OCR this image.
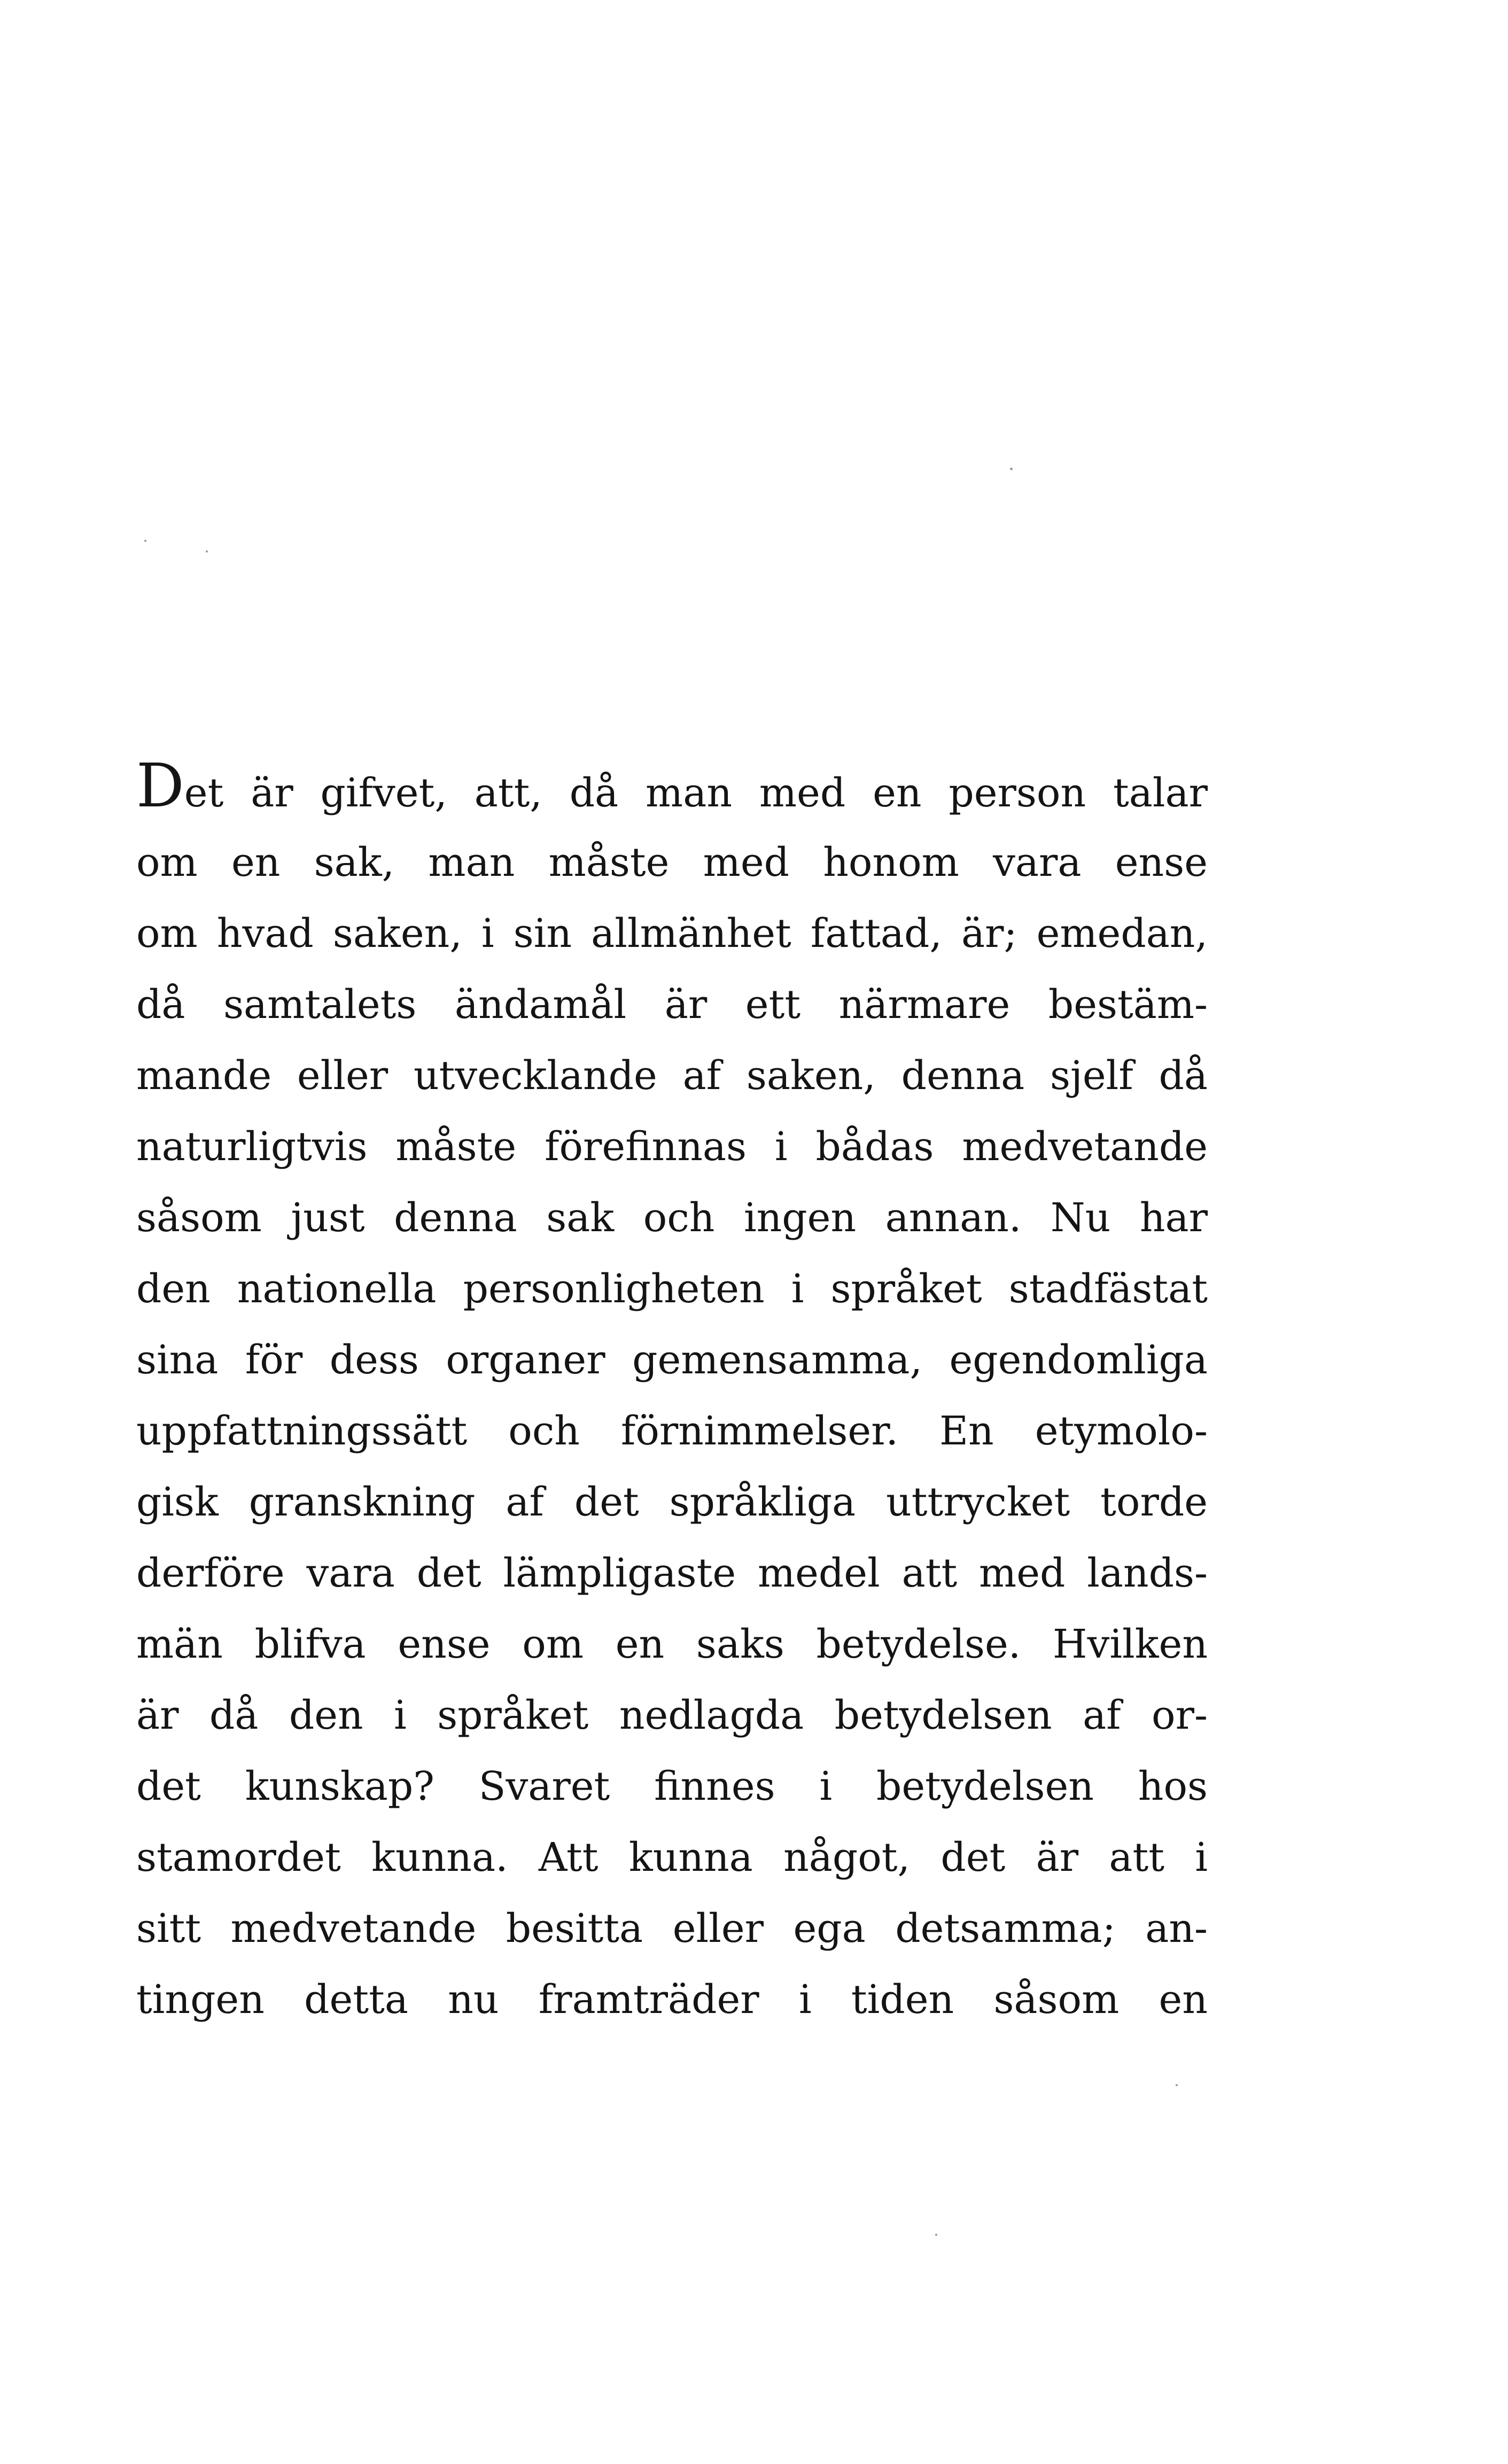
Det är gifvet, att, då man med en person talar
om en sak, man måste med honom vara ense
om hvad saken, i sin allmänhet fattad, är; emedan,
då samtalets ändamål är ett närmare bestäm-
mande eller utvecklande af saken, denna sjelf då
naturligtvis måste förefinnas i bådas medvetande
såsom just denna sak och ingen annan. Nu har
den nationella personligheten i språket stadfästat
sina för dess organer gemensamma, egendomliga
uppfattningssätt och förnimmelser. En etymolo-
gisk granskning af det språkliga uttrycket torde
derföre vara det lämpligaste medel att med lands-
män blifva ense om en saks betydelse. Hvilken
är då den i språket nedlagda betydelsen af or-
det kunskap? Svaret finnes i betydelsen hos
stamordet kunna. Att kunna något, det är att i
sitt medvetande besitta eller ega detsamma; an-
tingen detta nu framträder i tiden såsom en
